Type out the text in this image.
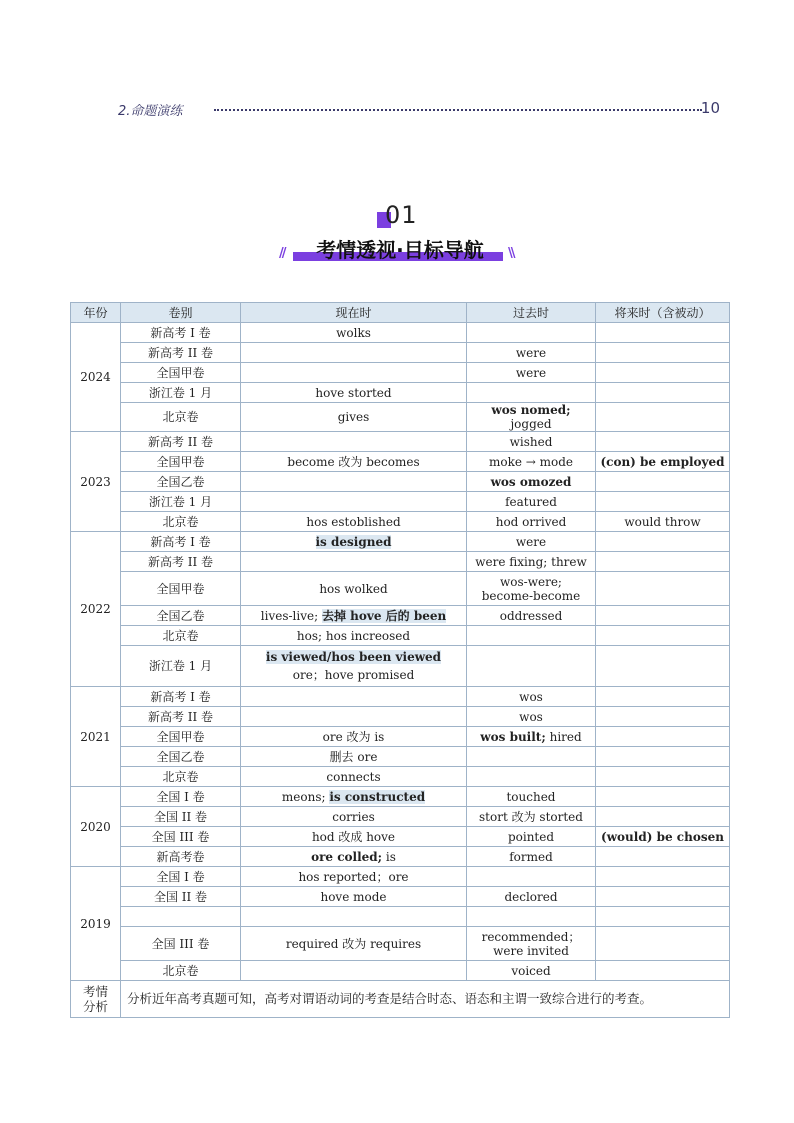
2.命题演练	10
01
//	考情透视·目标导航	\\
年份	卷别	现在时	过去时	将来时（含被动）
2024	新高考 I 卷	wolks		
	新高考 II 卷		were	
	全国甲卷		were	
	浙江卷 1 月	hove storted		
	北京卷	gives	wos nomed; jogged	
2023	新高考 II 卷		wished	
	全国甲卷	become 改为 becomes	moke → mode	(con) be employed
	全国乙卷		wos omozed	
	浙江卷 1 月		featured	
	北京卷	hos estoblished	hod orrived	would throw
2022	新高考 I 卷	is designed	were	
	新高考 II 卷		were fixing; threw	
	全国甲卷	hos wolked	wos-were;
become-become	

	全国乙卷	lives-live; 去掉 hove 后的 been	oddressed	
	北京卷	hos; hos increosed		
	浙江卷 1 月	is viewed/hos been viewed
ore；hove promised		

2021	新高考 I 卷		wos	
	新高考 II 卷		wos	
	全国甲卷	ore 改为 is	wos built; hired	
	全国乙卷	删去 ore		
	北京卷	connects		
2020	全国 I 卷	meons; is constructed	touched	
	全国 II 卷	corries	stort 改为 storted	
	全国 III 卷	hod 改成 hove	pointed	(would) be chosen
	新高考卷	ore colled; is	formed	
2019	全国 I 卷	hos reported；ore		
	全国 II 卷	hove mode	declored	

	全国 III 卷	required 改为 requires	recommended；
were invited	

	北京卷		voiced	

考情
分析	分析近年高考真题可知，高考对谓语动词的考查是结合时态、语态和主谓一致综合进行的考查。			
